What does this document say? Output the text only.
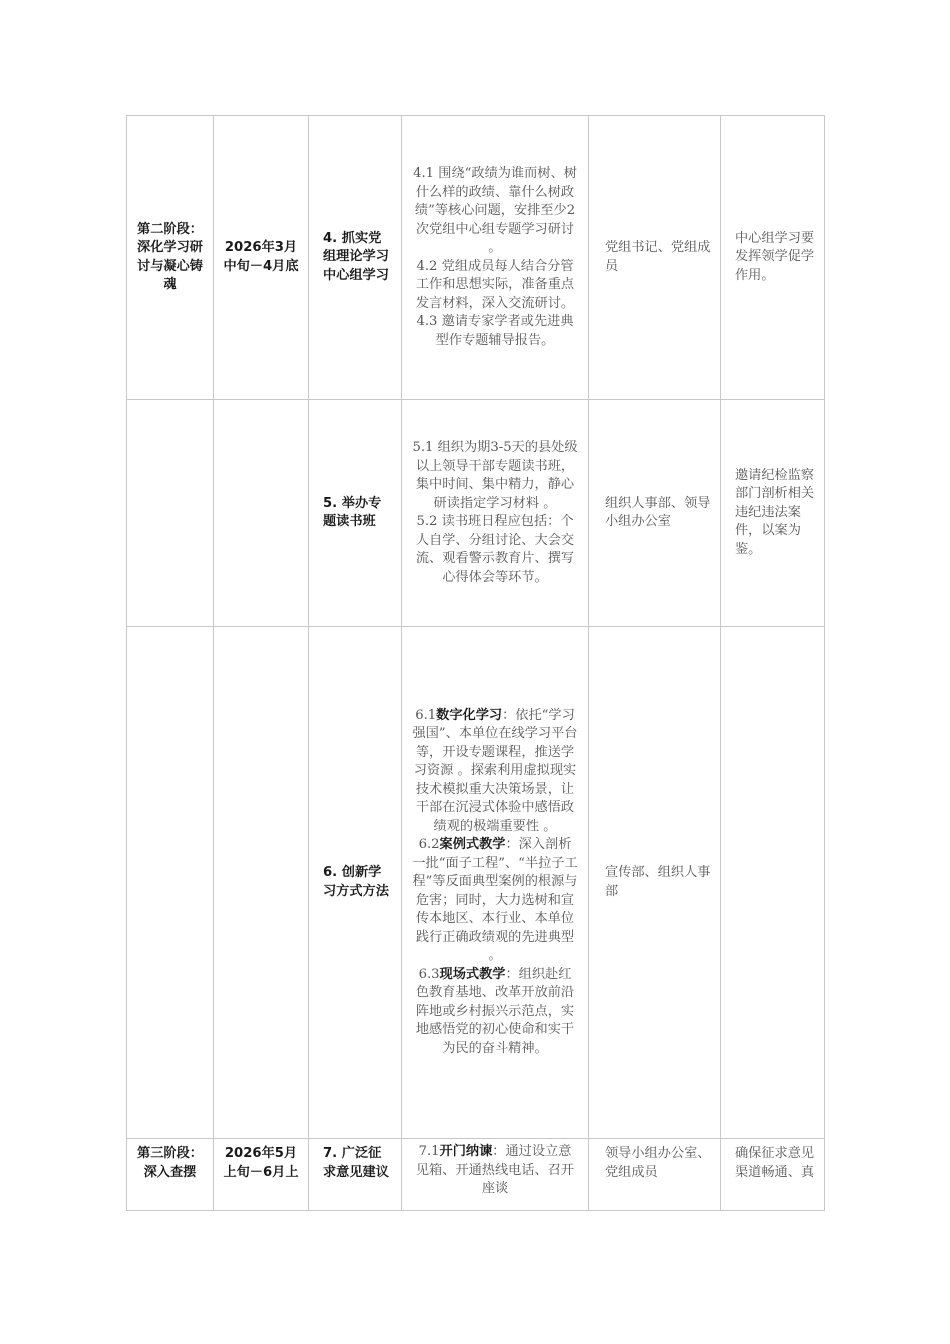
第二阶段：深化学习研讨与凝心铸魂	2026年3月中旬－4月底	4. 抓实党组理论学习中心组学习	4.1 围绕“政绩为谁而树、树什么样的政绩、靠什么树政绩”等核心问题，安排至少2次党组中心组专题学习研讨 。
4.2 党组成员每人结合分管工作和思想实际，准备重点发言材料，深入交流研讨。
4.3 邀请专家学者或先进典型作专题辅导报告。	党组书记、党组成员	中心组学习要发挥领学促学作用。
		5. 举办专题读书班	5.1 组织为期3-5天的县处级以上领导干部专题读书班，集中时间、集中精力，静心研读指定学习材料 。
5.2 读书班日程应包括：个人自学、分组讨论、大会交流、观看警示教育片、撰写心得体会等环节。	组织人事部、领导小组办公室	邀请纪检监察部门剖析相关违纪违法案件，以案为鉴。
		6. 创新学习方式方法	6.1数字化学习：依托“学习强国”、本单位在线学习平台等，开设专题课程，推送学习资源 。探索利用虚拟现实技术模拟重大决策场景，让干部在沉浸式体验中感悟政绩观的极端重要性 。
6.2案例式教学：深入剖析一批“面子工程”、“半拉子工程”等反面典型案例的根源与危害；同时，大力选树和宣传本地区、本行业、本单位践行正确政绩观的先进典型 。
6.3现场式教学：组织赴红色教育基地、改革开放前沿阵地或乡村振兴示范点，实地感悟党的初心使命和实干为民的奋斗精神。	宣传部、组织人事部	
第三阶段：深入查摆	2026年5月上旬－6月上	7. 广泛征求意见建议	7.1开门纳谏：通过设立意见箱、开通热线电话、召开座谈	领导小组办公室、党组成员	确保征求意见渠道畅通、真
